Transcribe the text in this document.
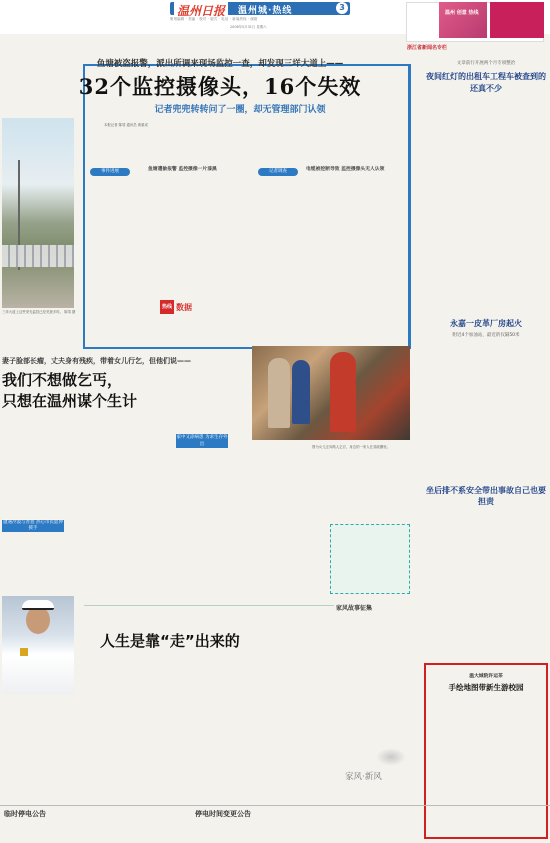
温州日报	温州城·热线	3
策划编辑 · 美编 · 校对 · 版式 · 电话 · 新闻热线 · 邮箱
2008年5月31日 星期六
温州 创意 热线
浙江省新闻名专栏
鱼塘被盗报警，派出所调来现场监控一查，却发现三垟大道上——
32个监控摄像头，16个失效
记者兜兜转转问了一圈，却无管理部门认领
本报记者 陈靖 通讯员 黄重成
三垟大道上这些采光监控已经荒废多时。 陈靖 摄
事件进展	记者调查
鱼塘遭偷报警 监控摄像一片漆黑	电缆被挖断导致 监控摄像头无人认领
热线 数据
妻子脸部长瘤，丈夫身有残疾，带着女儿行乞，但他们说——
我们不想做乞丐，
只想在温州谋个生计
图为女儿正向路人乞讨，身边的一家人在其破棚里。
遭遇冷漠与善意 热心市民愿伸援手
家中又添病患 为求生存外出
人生是靠“走”出来的
家风故事征集
家风·新风
文章前行开展两个月专项整治
夜间红灯的出租车工程车被查到的还真不少
永嘉一皮革厂房起火
附近4个加油站，最近的仅隔50米
坐后排不系安全带出事故自己也要担责
温大城院许运茶
手绘地图带新生游校园
临时停电公告	停电时间变更公告
